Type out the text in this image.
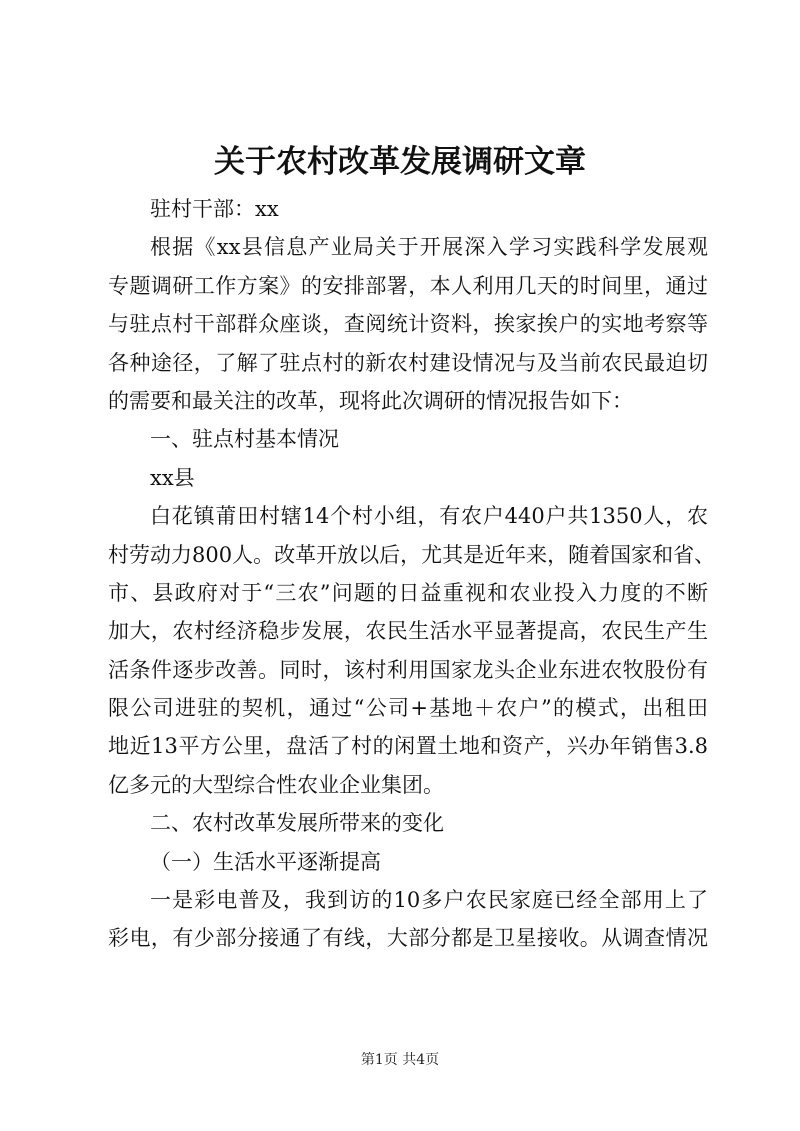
关于农村改革发展调研文章
驻村干部：xx
根据《xx县信息产业局关于开展深入学习实践科学发展观
专题调研工作方案》的安排部署，本人利用几天的时间里，通过
与驻点村干部群众座谈，查阅统计资料，挨家挨户的实地考察等
各种途径，了解了驻点村的新农村建设情况与及当前农民最迫切
的需要和最关注的改革，现将此次调研的情况报告如下：
一、驻点村基本情况
xx县
白花镇莆田村辖14个村小组，有农户440户共1350人，农
村劳动力800人。改革开放以后，尤其是近年来，随着国家和省、
市、县政府对于“三农”问题的日益重视和农业投入力度的不断
加大，农村经济稳步发展，农民生活水平显著提高，农民生产生
活条件逐步改善。同时，该村利用国家龙头企业东进农牧股份有
限公司进驻的契机，通过“公司+基地＋农户”的模式，出租田
地近13平方公里，盘活了村的闲置土地和资产，兴办年销售3.8
亿多元的大型综合性农业企业集团。
二、农村改革发展所带来的变化
（一）生活水平逐渐提高
一是彩电普及，我到访的10多户农民家庭已经全部用上了
彩电，有少部分接通了有线，大部分都是卫星接收。从调查情况
第1页 共4页
